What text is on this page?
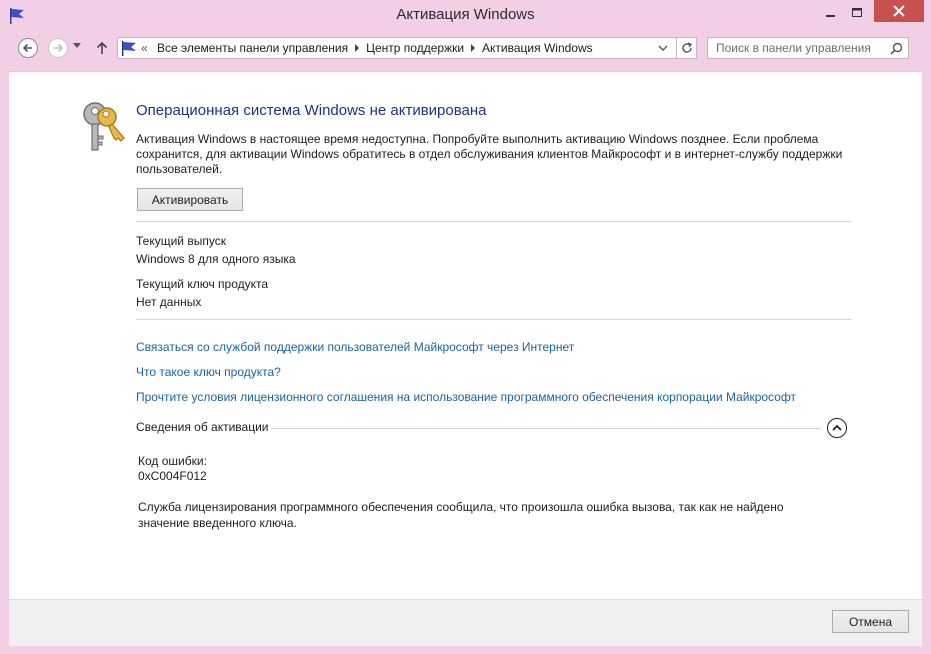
Активация Windows
« Все элементы панели управления Центр поддержки Активация Windows
Поиск в панели управления
Операционная система Windows не активирована
Активация Windows в настоящее время недоступна. Попробуйте выполнить активацию Windows позднее. Если проблема сохранится, для активации Windows обратитесь в отдел обслуживания клиентов Майкрософт и в интернет-службу поддержки пользователей.
Активировать
Текущий выпуск
Windows 8 для одного языка
Текущий ключ продукта
Нет данных
Связаться со службой поддержки пользователей Майкрософт через Интернет
Что такое ключ продукта?
Прочтите условия лицензионного соглашения на использование программного обеспечения корпорации Майкрософт
Сведения об активации
Код ошибки:
0xC004F012
Служба лицензирования программного обеспечения сообщила, что произошла ошибка вызова, так как не найдено значение введенного ключа.
Отмена
